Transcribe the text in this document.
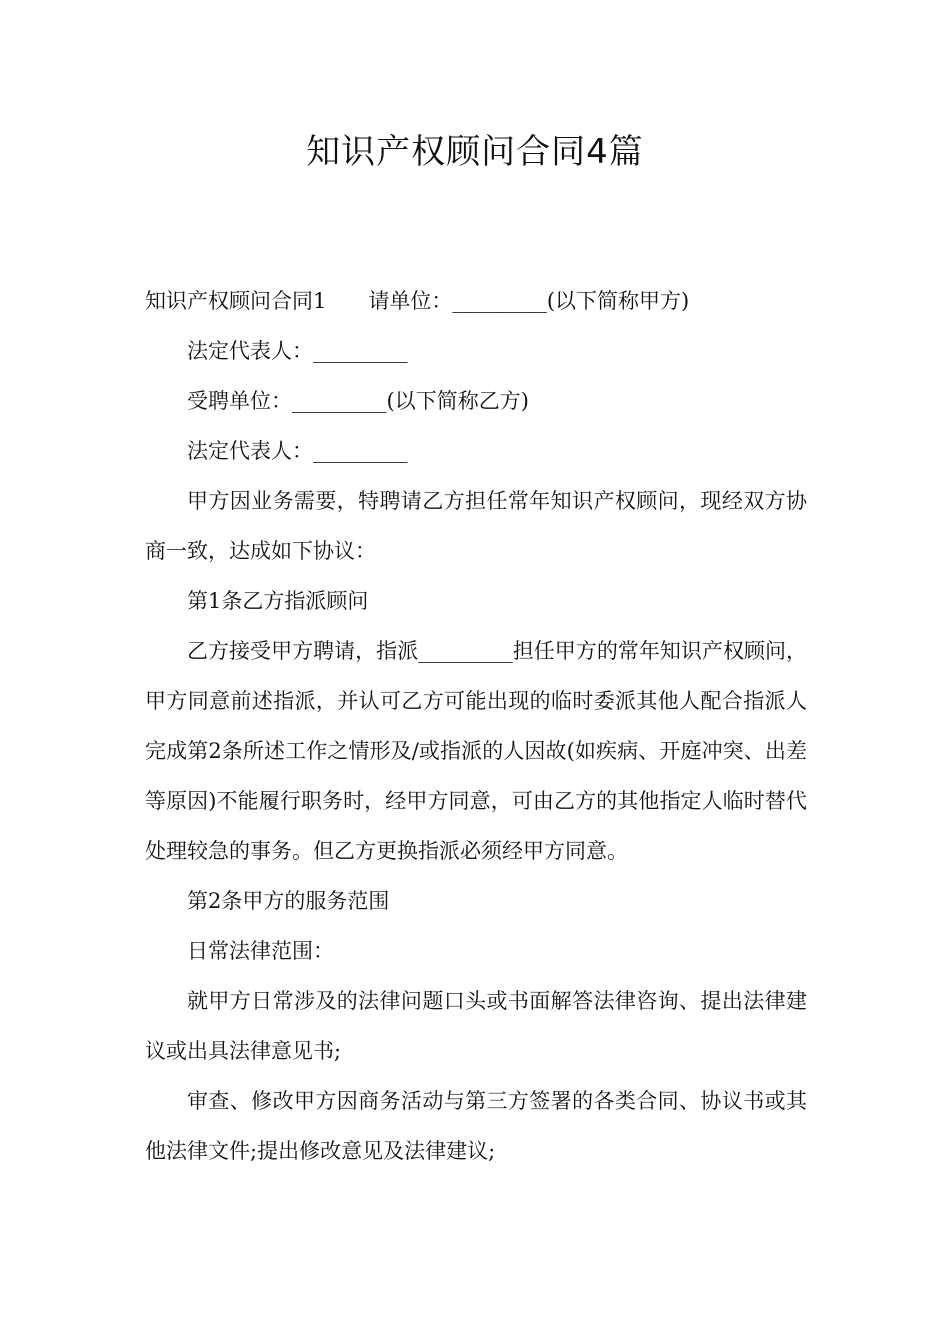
知识产权顾问合同4篇

知识产权顾问合同1　　请单位：_________(以下简称甲方)

法定代表人：_________

受聘单位：_________(以下简称乙方)

法定代表人：_________

甲方因业务需要，特聘请乙方担任常年知识产权顾问，现经双方协商一致，达成如下协议：

第1条乙方指派顾问

乙方接受甲方聘请，指派_________担任甲方的常年知识产权顾问，甲方同意前述指派，并认可乙方可能出现的临时委派其他人配合指派人完成第2条所述工作之情形及/或指派的人因故(如疾病、开庭冲突、出差等原因)不能履行职务时，经甲方同意，可由乙方的其他指定人临时替代处理较急的事务。但乙方更换指派必须经甲方同意。

第2条甲方的服务范围

日常法律范围：

就甲方日常涉及的法律问题口头或书面解答法律咨询、提出法律建议或出具法律意见书;

审查、修改甲方因商务活动与第三方签署的各类合同、协议书或其他法律文件;提出修改意见及法律建议;
